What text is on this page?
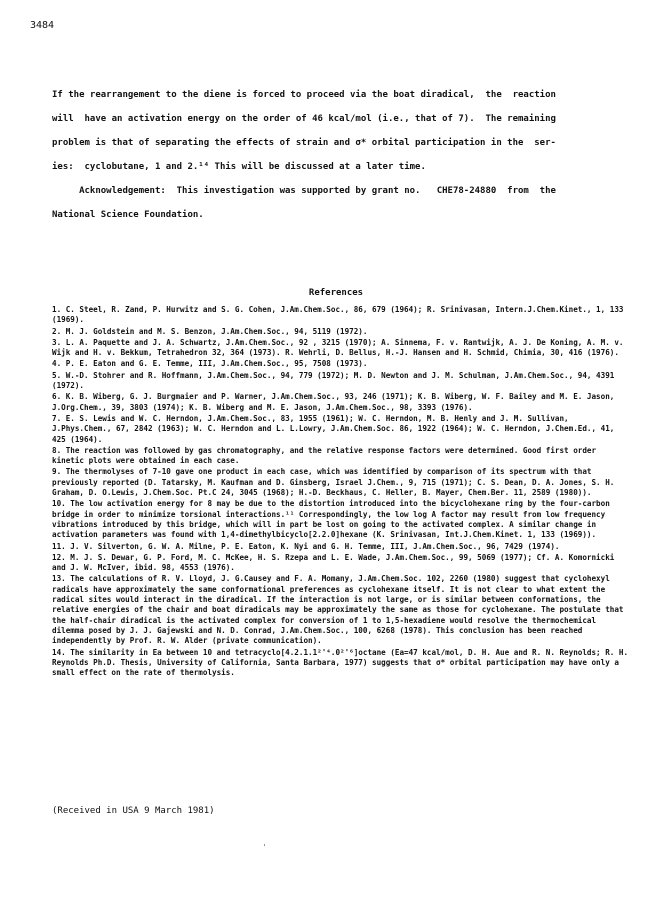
3484
If the rearrangement to the diene is forced to proceed via the boat diradical,  the  reaction
will  have an activation energy on the order of 46 kcal/mol (i.e., that of 7).  The remaining
problem is that of separating the effects of strain and σ* orbital participation in the  ser-
ies:  cyclobutane, 1 and 2.¹⁴ This will be discussed at a later time.
Acknowledgement:  This investigation was supported by grant no.   CHE78-24880  from  the
National Science Foundation.
References
1. C. Steel, R. Zand, P. Hurwitz and S. G. Cohen, J.Am.Chem.Soc., 86, 679 (1964); R. Srinivasan, Intern.J.Chem.Kinet., 1, 133 (1969).
2. M. J. Goldstein and M. S. Benzon, J.Am.Chem.Soc., 94, 5119 (1972).
3. L. A. Paquette and J. A. Schwartz, J.Am.Chem.Soc., 92 , 3215 (1970); A. Sinnema, F. v. Rantwijk, A. J. De Koning, A. M. v. Wijk and H. v. Bekkum, Tetrahedron 32, 364 (1973). R. Wehrli, D. Bellus, H.-J. Hansen and H. Schmid, Chimia, 30, 416 (1976).
4. P. E. Eaton and G. E. Temme, III, J.Am.Chem.Soc., 95, 7508 (1973).
5. W.-D. Stohrer and R. Hoffmann, J.Am.Chem.Soc., 94, 779 (1972); M. D. Newton and J. M. Schulman, J.Am.Chem.Soc., 94, 4391 (1972).
6. K. B. Wiberg, G. J. Burgmaier and P. Warner, J.Am.Chem.Soc., 93, 246 (1971); K. B. Wiberg, W. F. Bailey and M. E. Jason, J.Org.Chem., 39, 3803 (1974); K. B. Wiberg and M. E. Jason, J.Am.Chem.Soc., 98, 3393 (1976).
7. E. S. Lewis and W. C. Herndon, J.Am.Chem.Soc., 83, 1955 (1961); W. C. Herndon, M. B. Henly and J. M. Sullivan, J.Phys.Chem., 67, 2842 (1963); W. C. Herndon and L. L.Lowry, J.Am.Chem.Soc. 86, 1922 (1964); W. C. Herndon, J.Chem.Ed., 41, 425 (1964).
8. The reaction was followed by gas chromatography, and the relative response factors were determined. Good first order kinetic plots were obtained in each case.
9. The thermolyses of 7-10 gave one product in each case, which was identified by comparison of its spectrum with that previously reported (D. Tatarsky, M. Kaufman and D. Ginsberg, Israel J.Chem., 9, 715 (1971); C. S. Dean, D. A. Jones, S. H. Graham, D. O.Lewis, J.Chem.Soc. Pt.C 24, 3045 (1968); H.-D. Beckhaus, C. Heller, B. Mayer, Chem.Ber. 11, 2589 (1980)).
10. The low activation energy for 8 may be due to the distortion introduced into the bicyclohexane ring by the four-carbon bridge in order to minimize torsional interactions.¹¹ Correspondingly, the low log A factor may result from low frequency vibrations introduced by this bridge, which will in part be lost on going to the activated complex. A similar change in activation parameters was found with 1,4-dimethylbicyclo[2.2.0]hexane (K. Srinivasan, Int.J.Chem.Kinet. 1, 133 (1969)).
11. J. V. Silverton, G. W. A. Milne, P. E. Eaton, K. Nyi and G. H. Temme, III, J.Am.Chem.Soc., 96, 7429 (1974).
12. M. J. S. Dewar, G. P. Ford, M. C. McKee, H. S. Rzepa and L. E. Wade, J.Am.Chem.Soc., 99, 5069 (1977); Cf. A. Komornicki and J. W. McIver, ibid. 98, 4553 (1976).
13. The calculations of R. V. Lloyd, J. G.Causey and F. A. Momany, J.Am.Chem.Soc. 102, 2260 (1980) suggest that cyclohexyl radicals have approximately the same conformational preferences as cyclohexane itself. It is not clear to what extent the radical sites would interact in the diradical. If the interaction is not large, or is similar between conformations, the relative energies of the chair and boat diradicals may be approximately the same as those for cyclohexane. The postulate that the half-chair diradical is the activated complex for conversion of 1 to 1,5-hexadiene would resolve the thermochemical dilemma posed by J. J. Gajewski and N. D. Conrad, J.Am.Chem.Soc., 100, 6268 (1978). This conclusion has been reached independently by Prof. R. W. Alder (private communication).
14. The similarity in Ea between 10 and tetracyclo[4.2.1.1²'⁴.0²'⁶]octane (Ea=47 kcal/mol, D. H. Aue and R. N. Reynolds; R. H. Reynolds Ph.D. Thesis, University of California, Santa Barbara, 1977) suggests that σ* orbital participation may have only a small effect on the rate of thermolysis.
(Received in USA 9 March 1981)
'
